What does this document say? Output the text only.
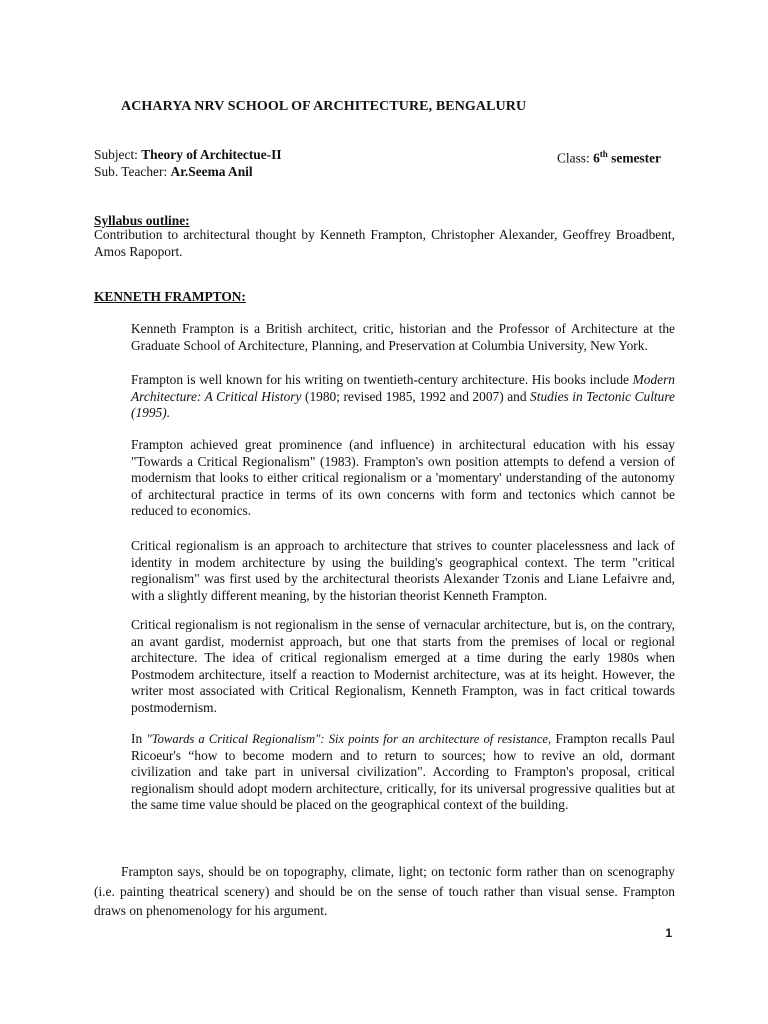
ACHARYA NRV SCHOOL OF ARCHITECTURE, BENGALURU
Subject: Theory of Architectue-II	Class: 6th semester
Sub. Teacher: Ar.Seema Anil
Syllabus outline:
Contribution to architectural thought by Kenneth Frampton, Christopher Alexander, Geoffrey Broadbent, Amos Rapoport.
KENNETH FRAMPTON:
Kenneth Frampton is a British architect, critic, historian and the Professor of Architecture at the Graduate School of Architecture, Planning, and Preservation at Columbia University, New York.
Frampton is well known for his writing on twentieth-century architecture. His books include Modern Architecture: A Critical History (1980; revised 1985, 1992 and 2007) and Studies in Tectonic Culture (1995).
Frampton achieved great prominence (and influence) in architectural education with his essay "Towards a Critical Regionalism" (1983). Frampton's own position attempts to defend a version of modernism that looks to either critical regionalism or a 'momentary' understanding of the autonomy of architectural practice in terms of its own concerns with form and tectonics which cannot be reduced to economics.
Critical regionalism is an approach to architecture that strives to counter placelessness and lack of identity in modem architecture by using the building's geographical context. The term "critical regionalism" was first used by the architectural theorists Alexander Tzonis and Liane Lefaivre and, with a slightly different meaning, by the historian theorist Kenneth Frampton.
Critical regionalism is not regionalism in the sense of vernacular architecture, but is, on the contrary, an avant gardist, modernist approach, but one that starts from the premises of local or regional architecture. The idea of critical regionalism emerged at a time during the early 1980s when Postmodem architecture, itself a reaction to Modernist architecture, was at its height. However, the writer most associated with Critical Regionalism, Kenneth Frampton, was in fact critical towards postmodernism.
In "Towards a Critical Regionalism": Six points for an architecture of resistance, Frampton recalls Paul Ricoeur's “how to become modern and to return to sources; how to revive an old, dormant civilization and take part in universal civilization". According to Frampton's proposal, critical regionalism should adopt modern architecture, critically, for its universal progressive qualities but at the same time value should be placed on the geographical context of the building.
Frampton says, should be on topography, climate, light; on tectonic form rather than on scenography (i.e. painting theatrical scenery) and should be on the sense of touch rather than visual sense. Frampton draws on phenomenology for his argument.
1
